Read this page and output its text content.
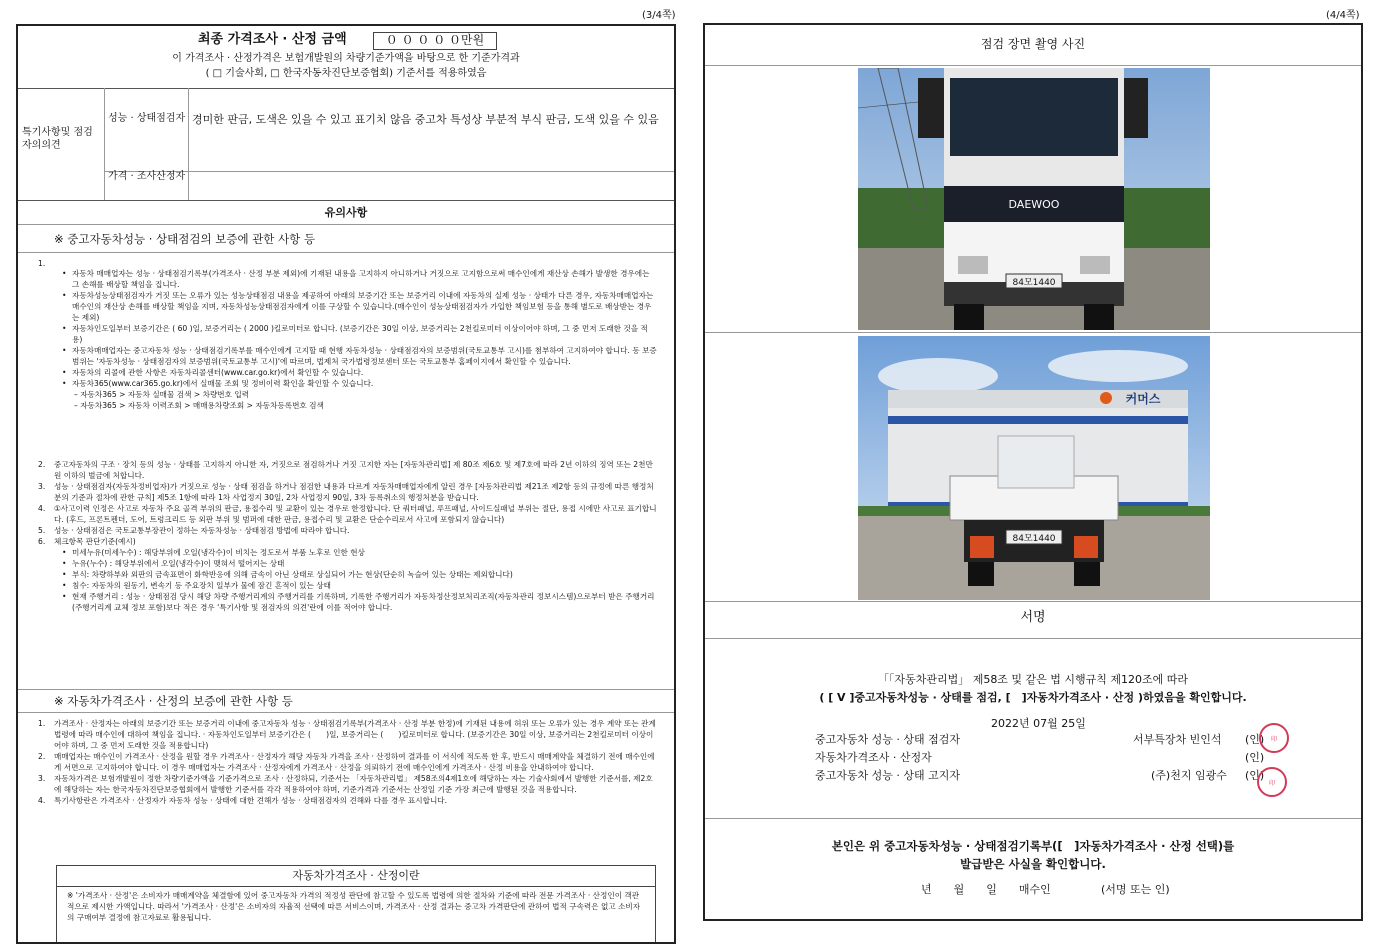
(3/4쪽)
최종 가격조사 · 산정 금액	０ ０ ０ ０ ０만원
이 가격조사 · 산정가격은 보험개발원의 차량기준가액을 바탕으로 한 기준가격과
( □ 기술사회, □ 한국자동차진단보증협회) 기준서를 적용하였음
특기사항및 점검자의의견
성능 · 상태점검자 경미한 판금, 도색은 있을 수 있고 표기치 않음 중고차 특성상 부분적 부식 판금, 도색 있을 수 있음
가격 · 조사산정자
유의사항
※ 중고자동차성능 · 상태점검의 보증에 관한 사항 등
1.
• 자동차 매매업자는 성능 · 상태점검기록부(가격조사 · 산정 부분 제외)에 기재된 내용을 고지하지 아니하거나 거짓으로 고지함으로써 매수인에게 재산상 손해가 발생한 경우에는 그 손해를 배상할 책임을 집니다.
• 자동차성능상태점검자가 거짓 또는 오류가 있는 성능상태점검 내용을 제공하여 아래의 보증기간 또는 보증거리 이내에 자동차의 실제 성능 · 상태가 다른 경우, 자동차매매업자는 매수인의 재산상 손해를 배상할 책임을 지며, 자동차성능상태점검자에게 이를 구상할 수 있습니다.(매수인이 성능상태점검자가 가입한 책임보험 등을 통해 별도로 배상받는 경우는 제외)
• 자동차인도일부터 보증기간은 ( 60 )일, 보증거리는 ( 2000 )킬로미터로 합니다. (보증기간은 30일 이상, 보증거리는 2천킬로미터 이상이어야 하며, 그 중 먼저 도래한 것을 적용)
• 자동차매매업자는 중고자동차 성능 · 상태점검기록부를 매수인에게 고지할 때 현행 자동차성능 · 상태점검자의 보증범위(국토교통부 고시)를 첨부하여 고지하여야 합니다. 동 보증범위는 '자동차성능 · 상태점검자의 보증범위(국토교통부 고시)'에 따르며, 법제처 국가법령정보센터 또는 국토교통부 홈페이지에서 확인할 수 있습니다.
• 자동차의 리콜에 관한 사항은 자동차리콜센터(www.car.go.kr)에서 확인할 수 있습니다.
• 자동차365(www.car365.go.kr)에서 실매물 조회 및 정비이력 확인을 확인할 수 있습니다.
– 자동차365 > 자동차 실매물 검색 > 차량번호 입력
– 자동차365 > 자동차 이력조회 > 매매용차량조회 > 자동차등록번호 검색
2.	중고자동차의 구조 · 장치 등의 성능 · 상태를 고지하지 아니한 자, 거짓으로 점검하거나 거짓 고지한 자는 [자동차관리법] 제 80조 제6호 및 제7호에 따라 2년 이하의 징역 또는 2천만원 이하의 벌금에 처합니다.
3.	성능 · 상태점검자(자동차정비업자)가 거짓으로 성능 · 상태 점검을 하거나 점검한 내용과 다르게 자동차매매업자에게 알린 경우 [자동차관리법 제21조 제2항 등의 규정에 따른 행정처분의 기준과 절차에 관한 규칙] 제5조 1항에 따라 1차 사업정지 30일, 2차 사업정지 90일, 3차 등록취소의 행정처분을 받습니다.
4.	①사고이력 인정은 사고로 자동차 주요 골격 부위의 판금, 용접수리 및 교환이 있는 경우로 한정합니다. 단 쿼터패널, 루프패널, 사이드실패널 부위는 절단, 용접 시에만 사고로 표기합니다. (후드, 프론트펜더, 도어, 트렁크리드 등 외판 부위 및 범퍼에 대한 판금, 용접수리 및 교환은 단순수리로서 사고에 포함되지 않습니다)
5.	성능 · 상태점검은 국토교통부장관이 정하는 자동차성능 · 상태점검 방법에 따라야 합니다.
6.	체크항목 판단기준(예시)
• 미세누유(미세누수) : 해당부위에 오일(냉각수)이 비치는 정도로서 부품 노후로 인한 현상
• 누유(누수) : 해당부위에서 오일(냉각수)이 맺혀서 떨어지는 상태
• 부식: 차량하부와 외판의 금속표면이 화학반응에 의해 금속이 아닌 상태로 상실되어 가는 현상(단순히 녹슬어 있는 상태는 제외합니다)
• 침수: 자동차의 원동기, 변속기 등 주요장치 일부가 물에 잠긴 흔적이 있는 상태
• 현재 주행거리 : 성능 · 상태점검 당시 해당 차량 주행거리계의 주행거리를 기록하며, 기록한 주행거리가 자동차정산정보처리조직(자동차관리 정보시스템)으로부터 받은 주행거리(주행거리계 교체 정보 포함)보다 적은 경우 '특기사항 및 점검자의 의견'란에 이를 적어야 합니다.
※ 자동차가격조사 · 산정의 보증에 관한 사항 등
1.	가격조사 · 산정자는 아래의 보증기간 또는 보증거리 이내에 중고자동차 성능 · 상태점검기록부(가격조사 · 산정 부분 한정)에 기재된 내용에 허위 또는 오류가 있는 경우 계약 또는 관계법령에 따라 매수인에 대하여 책임을 집니다. · 자동차인도일부터 보증기간은 (　　)일, 보증거리는 (　　)킬로미터로 합니다. (보증기간은 30일 이상, 보증거리는 2천킬로미터 이상이어야 하며, 그 중 먼저 도래한 것을 적용합니다)
2.	매매업자는 매수인이 가격조사 · 산정을 원할 경우 가격조사 · 산정자가 해당 자동차 가격을 조사 · 산정하여 결과를 이 서식에 적도록 한 후, 반드시 매매계약을 체결하기 전에 매수인에게 서면으로 고지하여야 합니다. 이 경우 매매업자는 가격조사 · 산정자에게 가격조사 · 산정을 의뢰하기 전에 매수인에게 가격조사 · 산정 비용을 안내하여야 합니다.
3.	자동차가격은 보험개발원이 정한 차량기준가액을 기준가격으로 조사 · 산정하되, 기준서는 「자동차관리법」 제58조의4제1호에 해당하는 자는 기술사회에서 발행한 기준서를, 제2호에 해당하는 자는 한국자동차진단보증협회에서 발행한 기준서를 각각 적용하여야 하며, 기준가격과 기준서는 산정일 기준 가장 최근에 발행된 것을 적용합니다.
4.	특기사항란은 가격조사 · 산정자가 자동차 성능 · 상태에 대한 견해가 성능 · 상태점검자의 견해와 다를 경우 표시합니다.
자동차가격조사 · 산정이란
※ '가격조사 · 산정'은 소비자가 매매계약을 체결함에 있어 중고자동차 가격의 적정성 판단에 참고할 수 있도록 법령에 의한 절차와 기준에 따라 전문 가격조사 · 산정인이 객관적으로 제시한 가액입니다. 따라서 '가격조사 · 산정'은 소비자의 자율적 선택에 따른 서비스이며, 가격조사 · 산정 결과는 중고차 가격판단에 관하여 법적 구속력은 없고 소비자의 구매여부 결정에 참고자료로 활용됩니다.
(4/4쪽)
점검 장면 촬영 사진
DAEWOO
84모1440
커머스
84모1440
서명
「「자동차관리법」 제58조 및 같은 법 시행규칙 제120조에 따라
( [ V ]중고자동차성능 · 상태를 점검, [　]자동차가격조사 · 산정 )하였음을 확인합니다.
2022년 07월 25일
중고자동차 성능 · 상태 점검자	서부특장차 빈인석 (인)	印
자동차가격조사 · 산정자	(인)
중고자동차 성능 · 상태 고지자	(주)천지 임광수 (인)
印
본인은 위 중고자동차성능 · 상태점검기록부([　]자동차가격조사 · 산정 선택)를
발급받은 사실을 확인합니다.
년　　월　　일　　매수인	(서명 또는 인)
